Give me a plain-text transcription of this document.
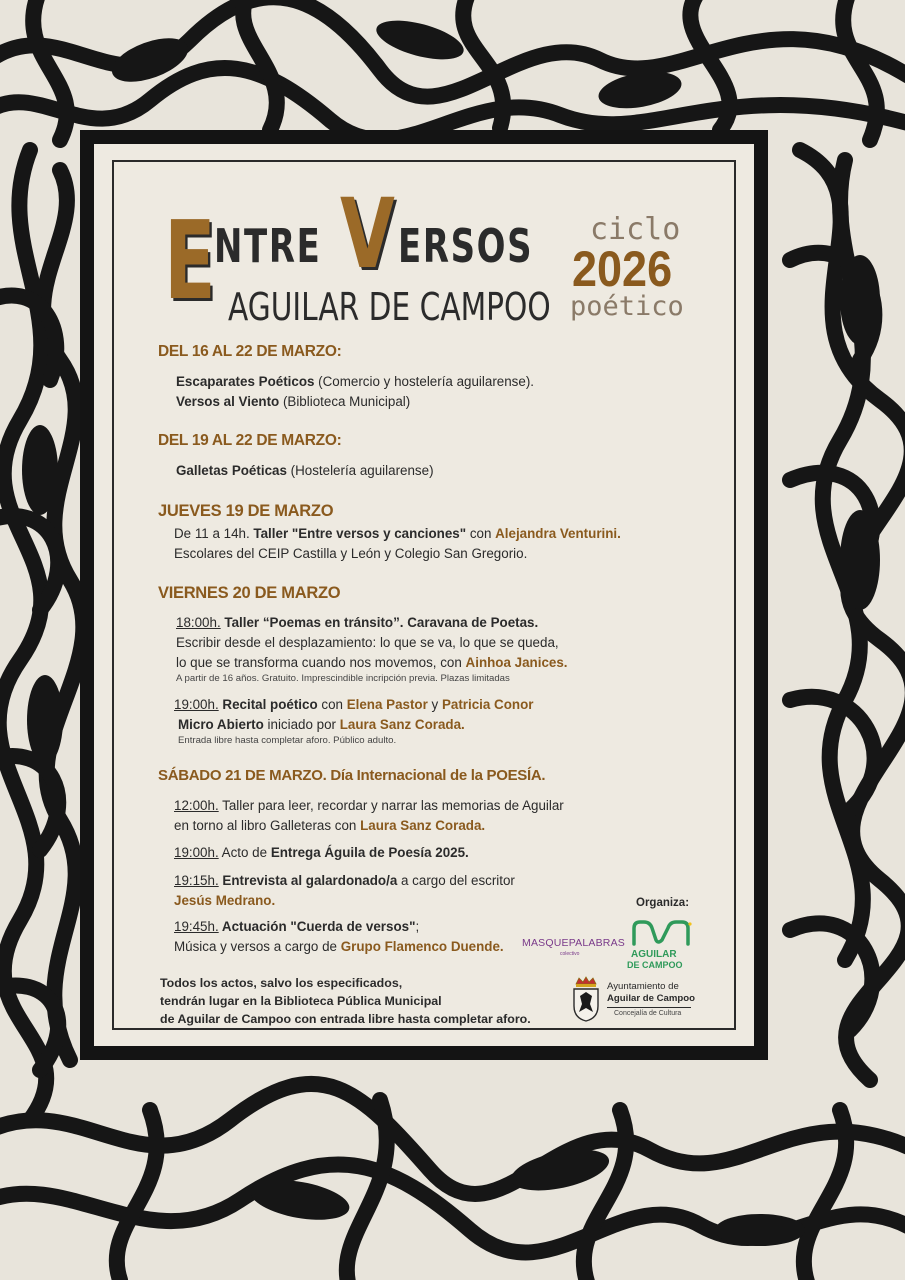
E
NTRE V ERSOS
AGUILAR DE CAMPOO
ciclo
2026
poético
DEL 16 AL 22 DE MARZO:
Escaparates Poéticos (Comercio y hostelería aguilarense).
Versos al Viento (Biblioteca Municipal)
DEL 19 AL 22 DE MARZO:
Galletas Poéticas (Hostelería aguilarense)
JUEVES 19 DE MARZO
De 11 a 14h. Taller "Entre versos y canciones" con Alejandra Venturini.
Escolares del CEIP Castilla y León y Colegio San Gregorio.
VIERNES 20 DE MARZO
18:00h. Taller “Poemas en tránsito”. Caravana de Poetas.
Escribir desde el desplazamiento: lo que se va, lo que se queda,
lo que se transforma cuando nos movemos, con Ainhoa Janices.
A partir de 16 años. Gratuito. Imprescindible incripción previa. Plazas limitadas
19:00h. Recital poético con Elena Pastor y Patricia Conor
Micro Abierto iniciado por Laura Sanz Corada.
Entrada libre hasta completar aforo. Público adulto.
SÁBADO 21 DE MARZO. Día Internacional de la POESÍA.
12:00h. Taller para leer, recordar y narrar las memorias de Aguilar
en torno al libro Galleteras con Laura Sanz Corada.
19:00h. Acto de Entrega Águila de Poesía 2025.
19:15h. Entrevista al galardonado/a a cargo del escritor
Jesús Medrano.
19:45h. Actuación "Cuerda de versos";
Música y versos a cargo de Grupo Flamenco Duende.
Todos los actos, salvo los especificados,
tendrán lugar en la Biblioteca Pública Municipal
de Aguilar de Campoo con entrada libre hasta completar aforo.
Organiza:
MASQUEPALABRAS
colectivo	AGUILAR
DE CAMPOO
Ayuntamiento de
Aguilar de Campoo
Concejalía de Cultura
